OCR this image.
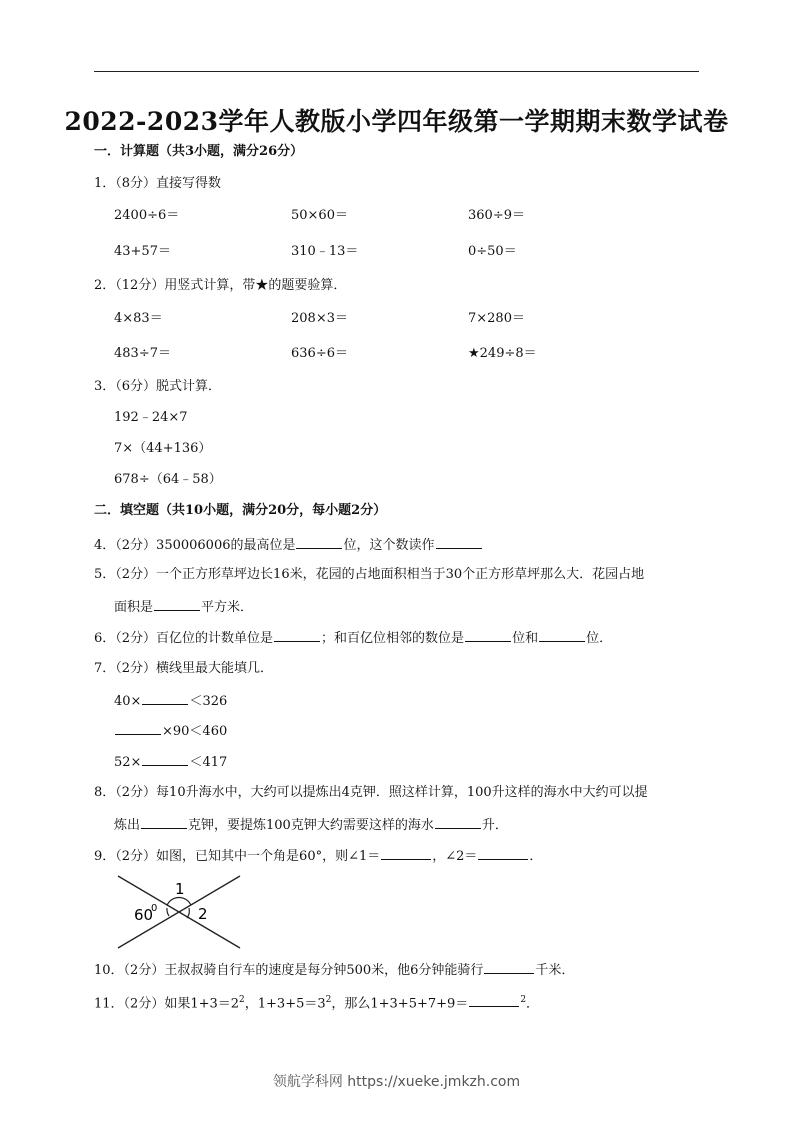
2022-2023学年人教版小学四年级第一学期期末数学试卷
一．计算题（共3小题，满分26分）
1．（8分）直接写得数
2400÷6＝	50×60＝	360÷9＝
43+57＝	310﹣13＝	0÷50＝
2．（12分）用竖式计算，带★的题要验算．
4×83＝	208×3＝	7×280＝
483÷7＝	636÷6＝	★249÷8＝
3．（6分）脱式计算．
192﹣24×7
7×（44+136）
678÷（64﹣58）
二．填空题（共10小题，满分20分，每小题2分）
4．（2分）350006006的最高位是	位，这个数读作
5．（2分）一个正方形草坪边长16米，花园的占地面积相当于30个正方形草坪那么大．花园占地
面积是	平方米．
6．（2分）百亿位的计数单位是	；和百亿位相邻的数位是	位和	位．
7．（2分）横线里最大能填几．
40×	＜326
×90＜460
52×	＜417
8．（2分）每10升海水中，大约可以提炼出4克钾．照这样计算，100升这样的海水中大约可以提
炼出	克钾，要提炼100克钾大约需要这样的海水	升．
9．（2分）如图，已知其中一个角是60°，则∠1＝	，∠2＝	．
1
2
60
0
10．（2分）王叔叔骑自行车的速度是每分钟500米，他6分钟能骑行	千米．
11．（2分）如果$1+3=2^2$，$1+3+5=3^2$，那么1+3+5+7+9＝	$^2$．
领航学科网 https://xueke.jmkzh.com
